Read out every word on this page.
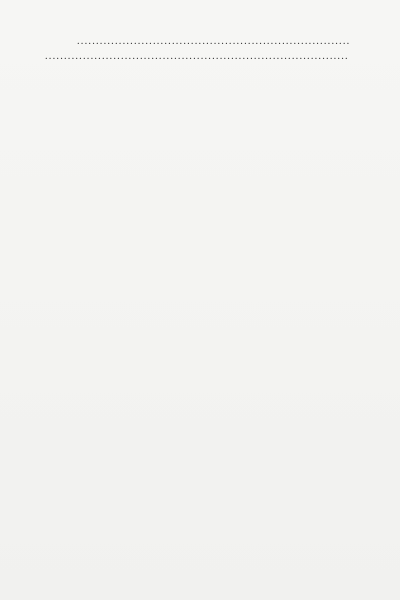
.....
.....
